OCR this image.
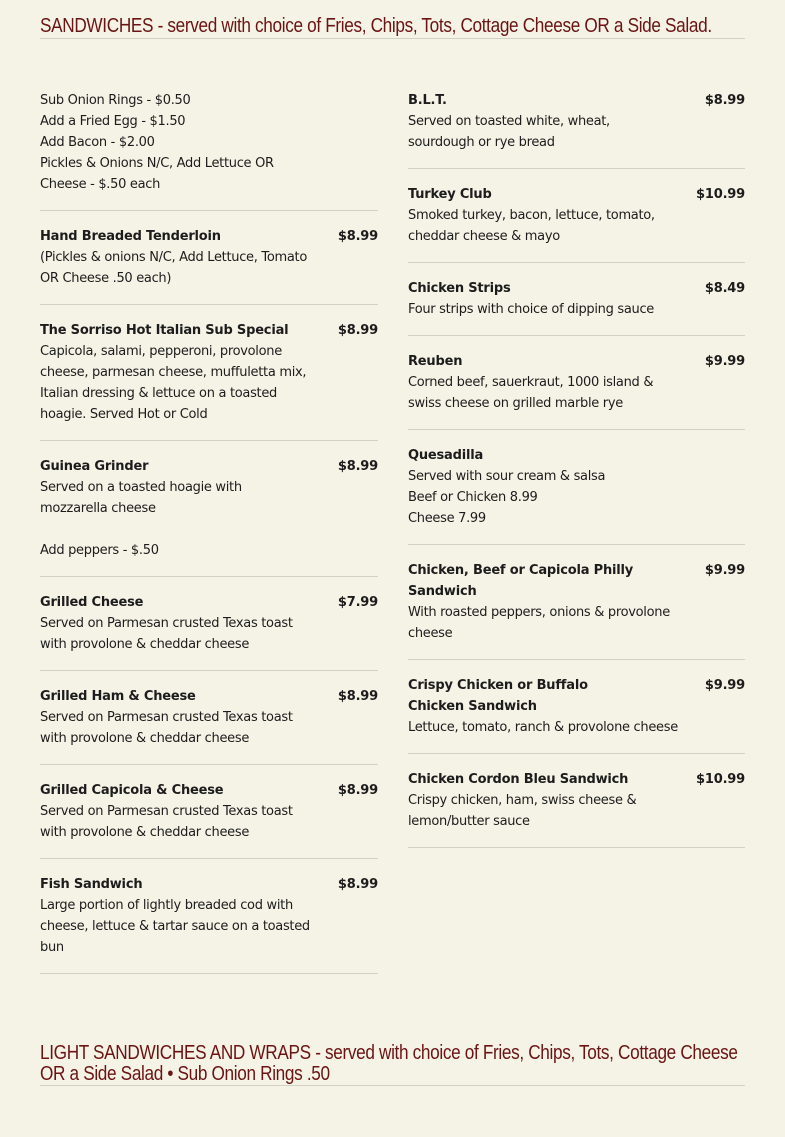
SANDWICHES - served with choice of Fries, Chips, Tots, Cottage Cheese OR a Side Salad.
Sub Onion Rings - $0.50
Add a Fried Egg - $1.50
Add Bacon - $2.00
Pickles & Onions N/C, Add Lettuce OR Cheese - $.50 each
Hand Breaded Tenderloin	$8.99
(Pickles & onions N/C, Add Lettuce, Tomato OR Cheese .50 each)
The Sorriso Hot Italian Sub Special	$8.99
Capicola, salami, pepperoni, provolone cheese, parmesan cheese, muffuletta mix, Italian dressing & lettuce on a toasted hoagie. Served Hot or Cold
Guinea Grinder	$8.99
Served on a toasted hoagie with mozzarella cheese
Add peppers - $.50
Grilled Cheese	$7.99
Served on Parmesan crusted Texas toast with provolone & cheddar cheese
Grilled Ham & Cheese	$8.99
Served on Parmesan crusted Texas toast with provolone & cheddar cheese
Grilled Capicola & Cheese	$8.99
Served on Parmesan crusted Texas toast with provolone & cheddar cheese
Fish Sandwich	$8.99
Large portion of lightly breaded cod with cheese, lettuce & tartar sauce on a toasted bun
B.L.T.	$8.99
Served on toasted white, wheat, sourdough or rye bread
Turkey Club	$10.99
Smoked turkey, bacon, lettuce, tomato, cheddar cheese & mayo
Chicken Strips	$8.49
Four strips with choice of dipping sauce
Reuben	$9.99
Corned beef, sauerkraut, 1000 island & swiss cheese on grilled marble rye
Quesadilla
Served with sour cream & salsa
Beef or Chicken 8.99
Cheese 7.99
Chicken, Beef or Capicola Philly Sandwich
$9.99
With roasted peppers, onions & provolone cheese
Crispy Chicken or Buffalo Chicken Sandwich
$9.99
Lettuce, tomato, ranch & provolone cheese
Chicken Cordon Bleu Sandwich	$10.99
Crispy chicken, ham, swiss cheese & lemon/butter sauce
LIGHT SANDWICHES AND WRAPS - served with choice of Fries, Chips, Tots, Cottage Cheese OR a Side Salad • Sub Onion Rings .50
